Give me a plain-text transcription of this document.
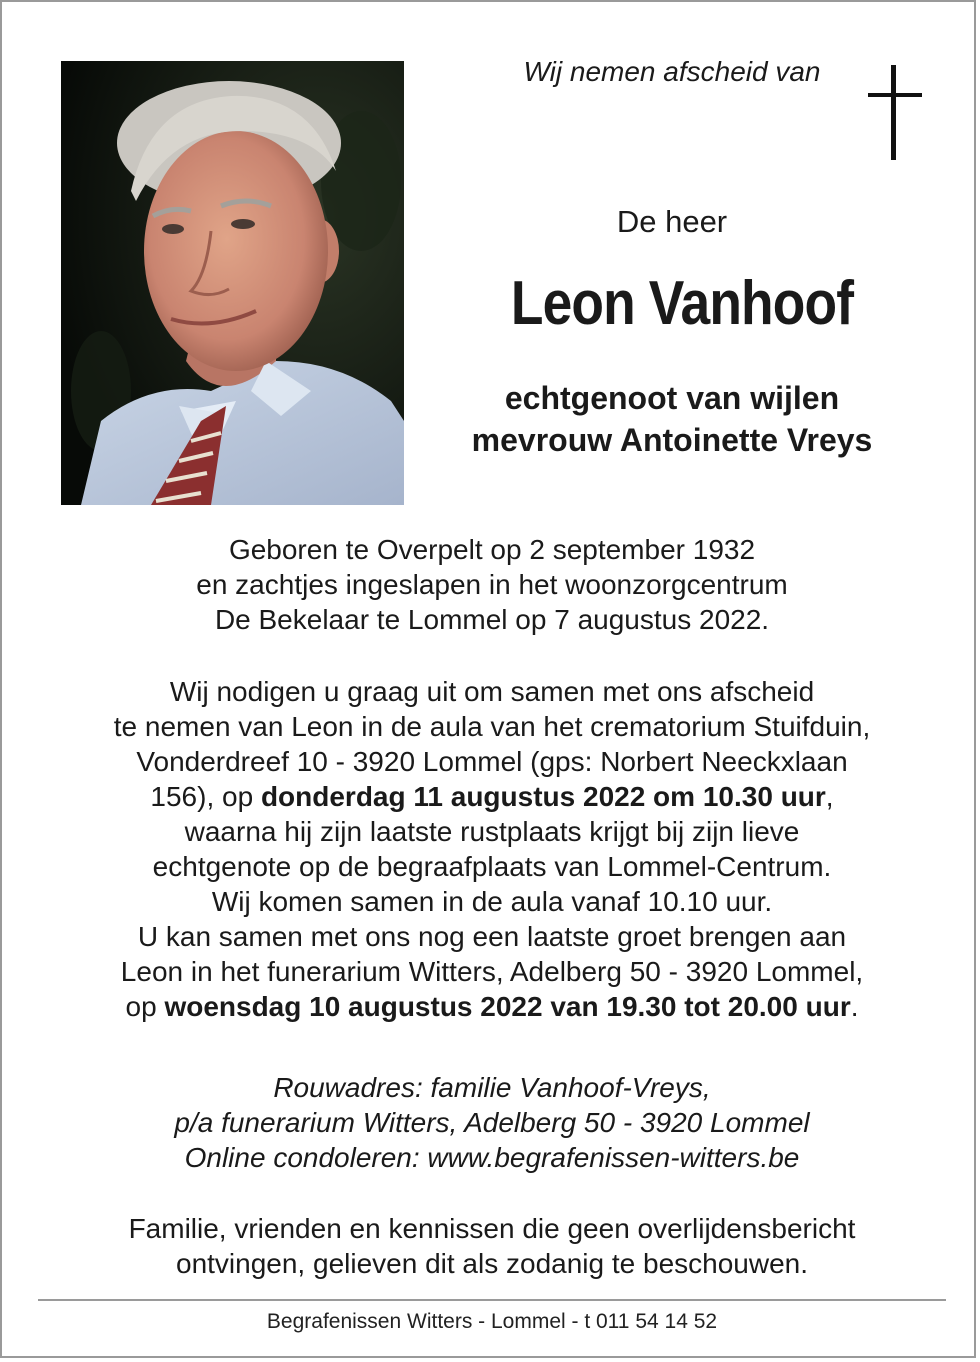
Wij nemen afscheid van

De heer

Leon Vanhoof

echtgenoot van wijlen

mevrouw Antoinette Vreys

Geboren te Overpelt op 2 september 1932

en zachtjes ingeslapen in het woonzorgcentrum

De Bekelaar te Lommel op 7 augustus 2022.

Wij nodigen u graag uit om samen met ons afscheid

te nemen van Leon in de aula van het crematorium Stuifduin,

Vonderdreef 10 - 3920 Lommel (gps: Norbert Neeckxlaan

156), op donderdag 11 augustus 2022 om 10.30 uur,

waarna hij zijn laatste rustplaats krijgt bij zijn lieve

echtgenote op de begraafplaats van Lommel-Centrum.

Wij komen samen in de aula vanaf 10.10 uur.

U kan samen met ons nog een laatste groet brengen aan

Leon in het funerarium Witters, Adelberg 50 - 3920 Lommel,

op woensdag 10 augustus 2022 van 19.30 tot 20.00 uur.

Rouwadres: familie Vanhoof-Vreys,

p/a funerarium Witters, Adelberg 50 - 3920 Lommel

Online condoleren: www.begrafenissen-witters.be

Familie, vrienden en kennissen die geen overlijdensbericht

ontvingen, gelieven dit als zodanig te beschouwen.

Begrafenissen Witters - Lommel - t 011 54 14 52
